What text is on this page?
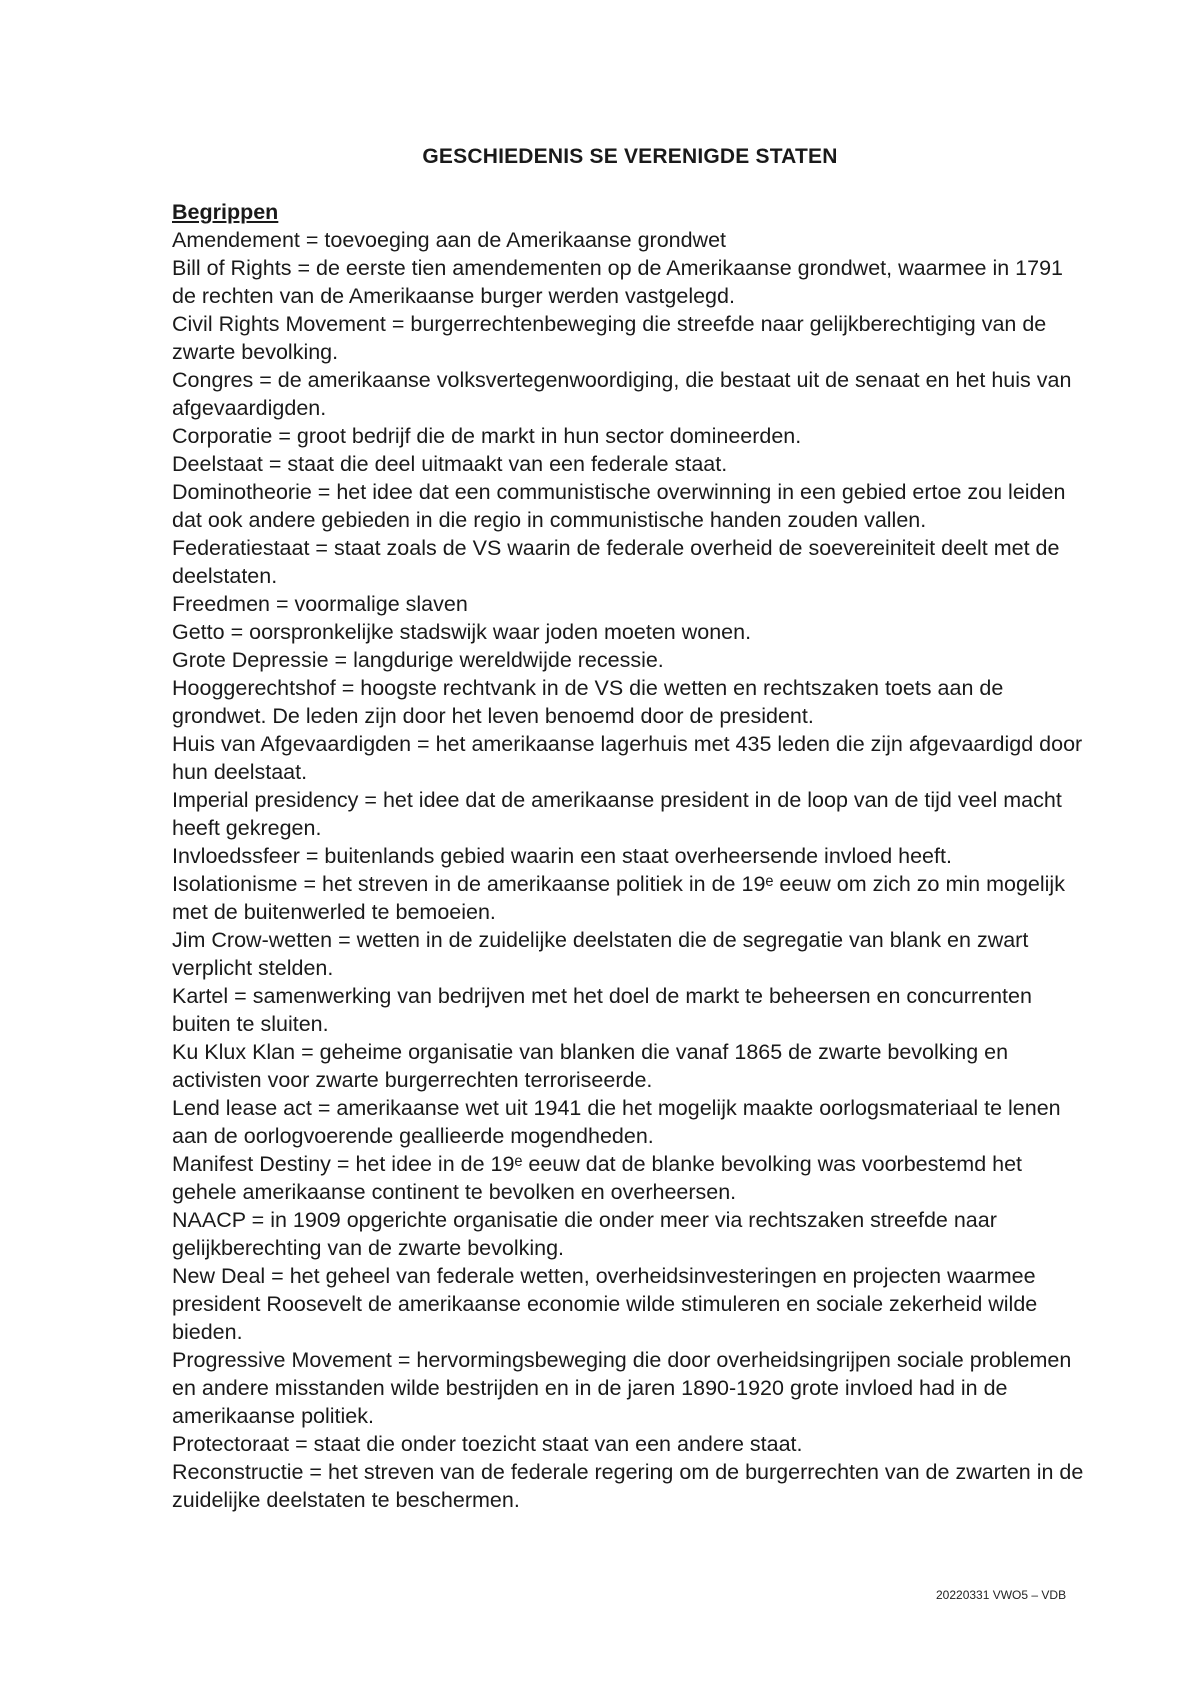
GESCHIEDENIS SE VERENIGDE STATEN
Begrippen
Amendement = toevoeging aan de Amerikaanse grondwet
Bill of Rights = de eerste tien amendementen op de Amerikaanse grondwet, waarmee in 1791 de rechten van de Amerikaanse burger werden vastgelegd.
Civil Rights Movement = burgerrechtenbeweging die streefde naar gelijkberechtiging van de zwarte bevolking.
Congres = de amerikaanse volksvertegenwoordiging, die bestaat uit de senaat en het huis van afgevaardigden.
Corporatie = groot bedrijf die de markt in hun sector domineerden.
Deelstaat = staat die deel uitmaakt van een federale staat.
Dominotheorie = het idee dat een communistische overwinning in een gebied ertoe zou leiden dat ook andere gebieden in die regio in communistische handen zouden vallen.
Federatiestaat = staat zoals de VS waarin de federale overheid de soevereiniteit deelt met de deelstaten.
Freedmen = voormalige slaven
Getto = oorspronkelijke stadswijk waar joden moeten wonen.
Grote Depressie = langdurige wereldwijde recessie.
Hooggerechtshof = hoogste rechtvank in de VS die wetten en rechtszaken toets aan de grondwet. De leden zijn door het leven benoemd door de president.
Huis van Afgevaardigden = het amerikaanse lagerhuis met 435 leden die zijn afgevaardigd door hun deelstaat.
Imperial presidency = het idee dat de amerikaanse president in de loop van de tijd veel macht heeft gekregen.
Invloedssfeer = buitenlands gebied waarin een staat overheersende invloed heeft.
Isolationisme = het streven in de amerikaanse politiek in de 19ᵉ eeuw om zich zo min mogelijk met de buitenwerled te bemoeien.
Jim Crow-wetten = wetten in de zuidelijke deelstaten die de segregatie van blank en zwart verplicht stelden.
Kartel = samenwerking van bedrijven met het doel de markt te beheersen en concurrenten buiten te sluiten.
Ku Klux Klan = geheime organisatie van blanken die vanaf 1865 de zwarte bevolking en activisten voor zwarte burgerrechten terroriseerde.
Lend lease act = amerikaanse wet uit 1941 die het mogelijk maakte oorlogsmateriaal te lenen aan de oorlogvoerende geallieerde mogendheden.
Manifest Destiny = het idee in de 19ᵉ eeuw dat de blanke bevolking was voorbestemd het gehele amerikaanse continent te bevolken en overheersen.
NAACP = in 1909 opgerichte organisatie die onder meer via rechtszaken streefde naar gelijkberechting van de zwarte bevolking.
New Deal = het geheel van federale wetten, overheidsinvesteringen en projecten waarmee president Roosevelt de amerikaanse economie wilde stimuleren en sociale zekerheid wilde bieden.
Progressive Movement = hervormingsbeweging die door overheidsingrijpen sociale problemen en andere misstanden wilde bestrijden en in de jaren 1890-1920 grote invloed had in de amerikaanse politiek.
Protectoraat = staat die onder toezicht staat van een andere staat.
Reconstructie = het streven van de federale regering om de burgerrechten van de zwarten in de zuidelijke deelstaten te beschermen.
20220331 VWO5 – VDB
